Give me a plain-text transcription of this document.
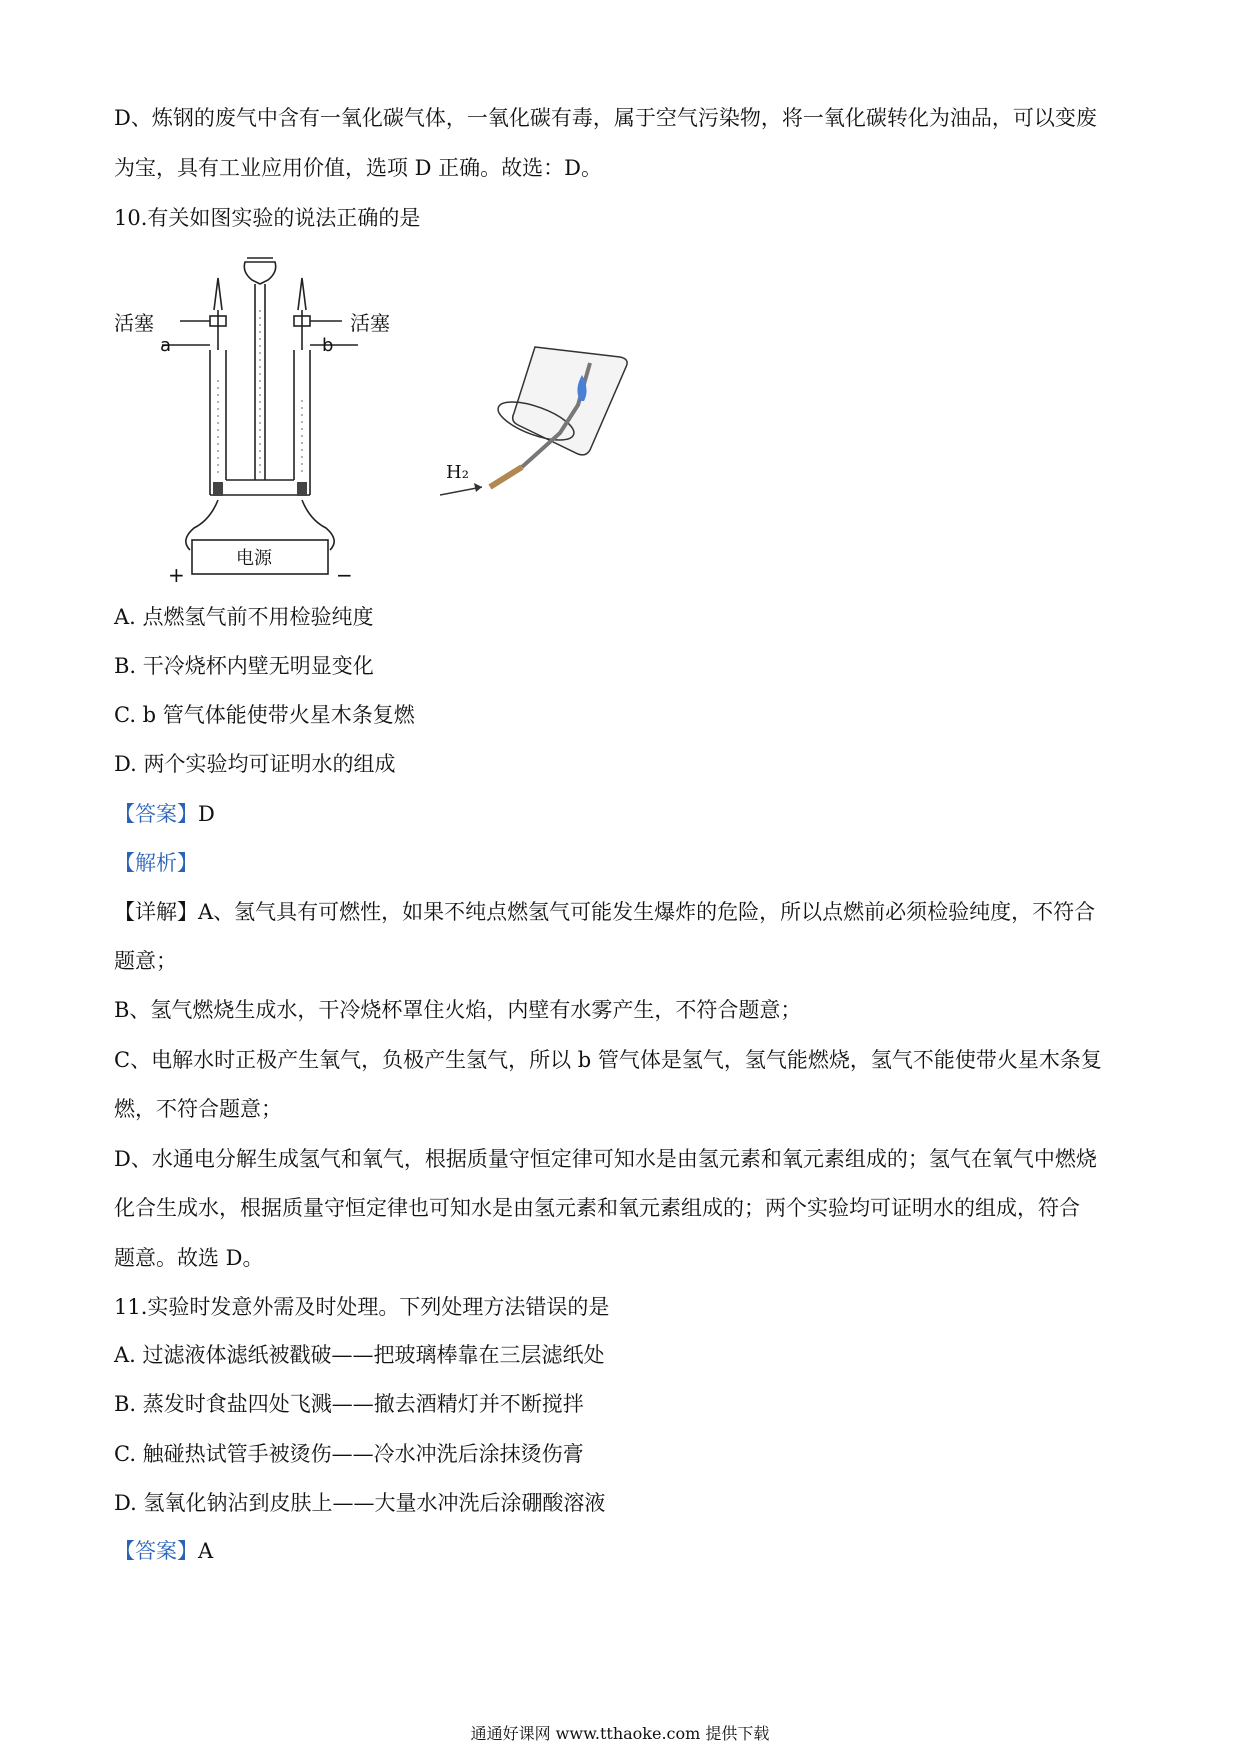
D、炼钢的废气中含有一氧化碳气体，一氧化碳有毒，属于空气污染物，将一氧化碳转化为油品，可以变废
为宝，具有工业应用价值，选项 D 正确。故选：D。
10.有关如图实验的说法正确的是
活塞	活塞
a	b
电源
+	−
H₂
A. 点燃氢气前不用检验纯度
B. 干冷烧杯内壁无明显变化
C. b 管气体能使带火星木条复燃
D. 两个实验均可证明水的组成
【答案】D
【解析】
【详解】A、氢气具有可燃性，如果不纯点燃氢气可能发生爆炸的危险，所以点燃前必须检验纯度，不符合
题意；
B、氢气燃烧生成水，干冷烧杯罩住火焰，内壁有水雾产生，不符合题意；
C、电解水时正极产生氧气，负极产生氢气，所以 b 管气体是氢气，氢气能燃烧，氢气不能使带火星木条复
燃，不符合题意；
D、水通电分解生成氢气和氧气，根据质量守恒定律可知水是由氢元素和氧元素组成的；氢气在氧气中燃烧
化合生成水，根据质量守恒定律也可知水是由氢元素和氧元素组成的；两个实验均可证明水的组成，符合
题意。故选 D。
11.实验时发意外需及时处理。下列处理方法错误的是
A. 过滤液体滤纸被戳破——把玻璃棒靠在三层滤纸处
B. 蒸发时食盐四处飞溅——撤去酒精灯并不断搅拌
C. 触碰热试管手被烫伤——冷水冲洗后涂抹烫伤膏
D. 氢氧化钠沾到皮肤上——大量水冲洗后涂硼酸溶液
【答案】A
通通好课网 www.tthaoke.com 提供下载
